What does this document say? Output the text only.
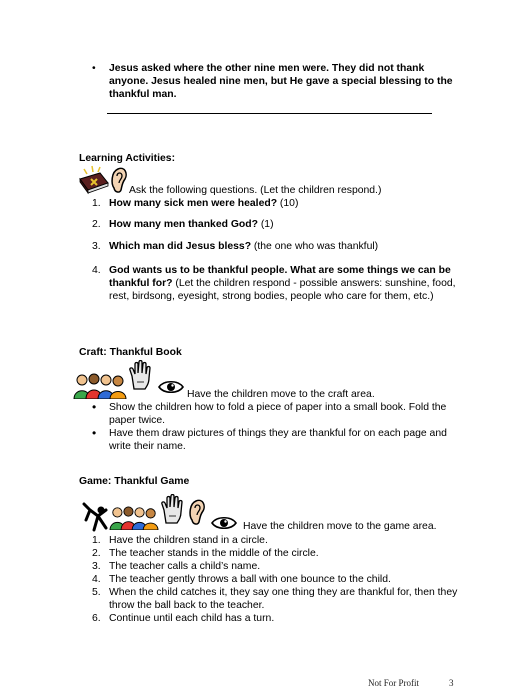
• Jesus asked where the other nine men were. They did not thank anyone. Jesus healed nine men, but He gave a special blessing to the thankful man.
Learning Activities:
Ask the following questions. (Let the children respond.)
1. How many sick men were healed? (10)
2. How many men thanked God? (1)
3. Which man did Jesus bless? (the one who was thankful)
4. God wants us to be thankful people. What are some things we can be thankful for? (Let the children respond - possible answers: sunshine, food, rest, birdsong, eyesight, strong bodies, people who care for them, etc.)
Craft: Thankful Book
Have the children move to the craft area.
• Show the children how to fold a piece of paper into a small book. Fold the paper twice.
• Have them draw pictures of things they are thankful for on each page and write their name.
Game: Thankful Game
Have the children move to the game area.
1. Have the children stand in a circle.
2. The teacher stands in the middle of the circle.
3. The teacher calls a child’s name.
4. The teacher gently throws a ball with one bounce to the child.
5. When the child catches it, they say one thing they are thankful for, then they throw the ball back to the teacher.
6. Continue until each child has a turn.
Not For Profit	3
